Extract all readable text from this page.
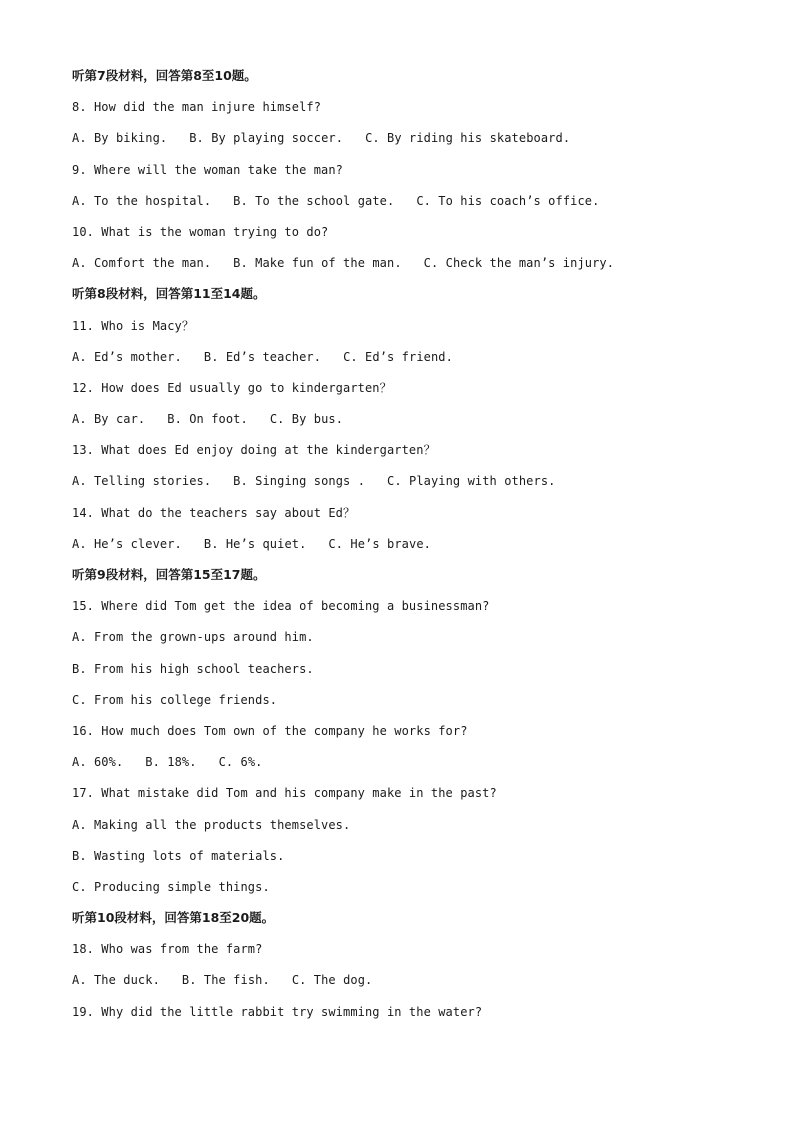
听第7段材料，回答第8至10题。
8. How did the man injure himself?
A. By biking. B. By playing soccer. C. By riding his skateboard.
9. Where will the woman take the man?
A. To the hospital. B. To the school gate. C. To his coach’s office.
10. What is the woman trying to do?
A. Comfort the man. B. Make fun of the man. C. Check the man’s injury.
听第8段材料，回答第11至14题。
11. Who is Macy？
A. Ed’s mother. B. Ed’s teacher. C. Ed’s friend.
12. How does Ed usually go to kindergarten？
A. By car. B. On foot. C. By bus.
13. What does Ed enjoy doing at the kindergarten？
A. Telling stories. B. Singing songs . C. Playing with others.
14. What do the teachers say about Ed？
A. He’s clever. B. He’s quiet. C. He’s brave.
听第9段材料，回答第15至17题。
15. Where did Tom get the idea of becoming a businessman?
A. From the grown-ups around him.
B. From his high school teachers.
C. From his college friends.
16. How much does Tom own of the company he works for?
A. 60%. B. 18%. C. 6%.
17. What mistake did Tom and his company make in the past?
A. Making all the products themselves.
B. Wasting lots of materials.
C. Producing simple things.
听第10段材料，回答第18至20题。
18. Who was from the farm?
A. The duck. B. The fish. C. The dog.
19. Why did the little rabbit try swimming in the water?
